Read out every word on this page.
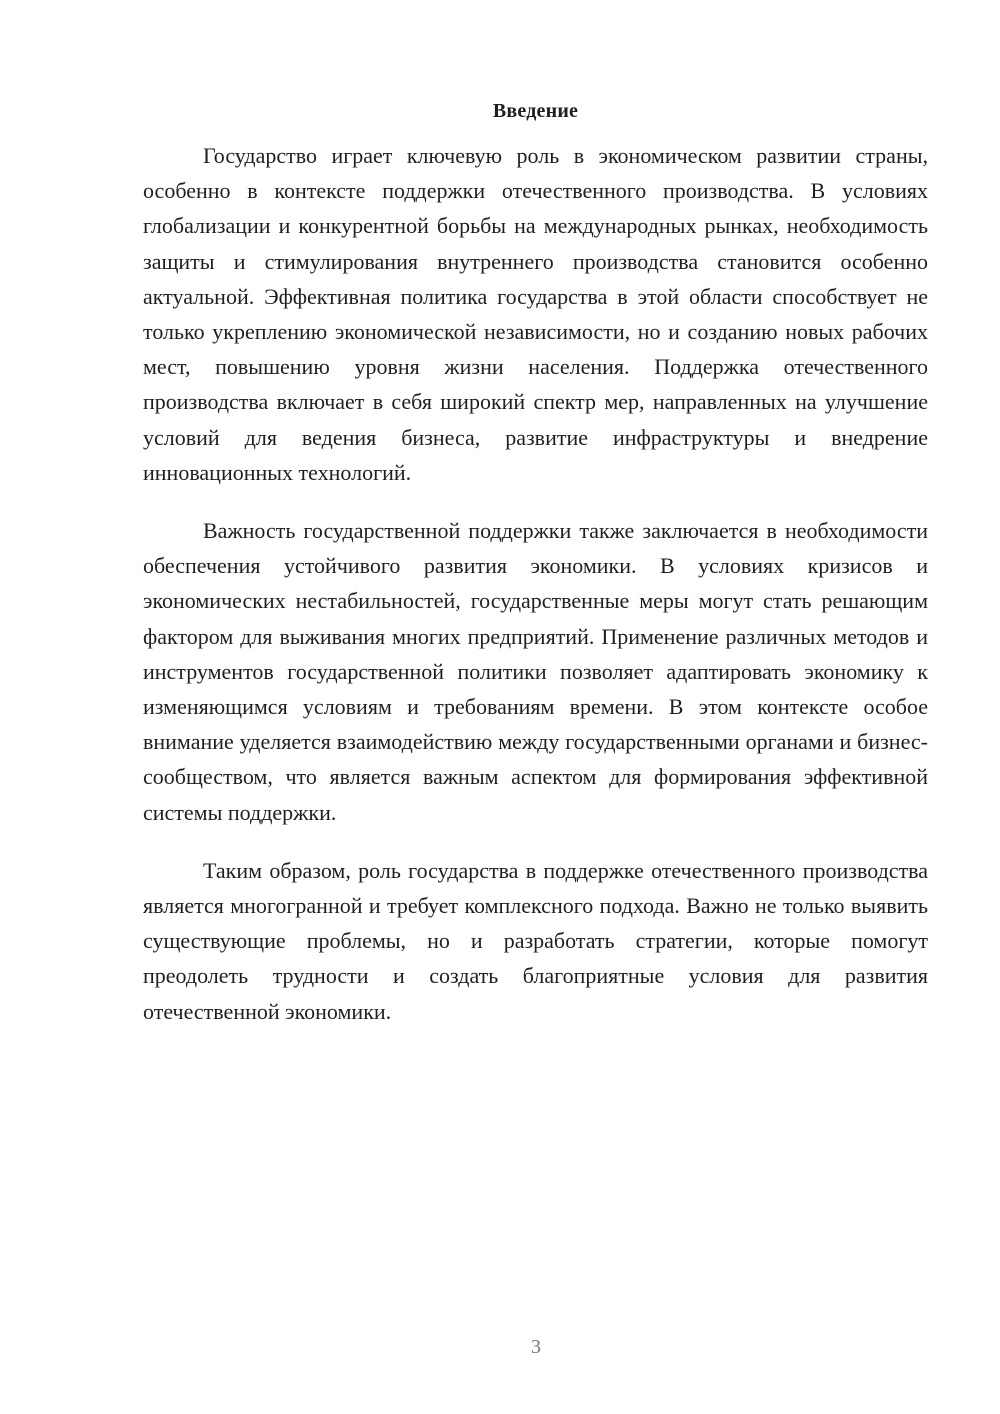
Введение

Государство играет ключевую роль в экономическом развитии страны, особенно в контексте поддержки отечественного производства. В условиях глобализации и конкурентной борьбы на международных рынках, необходимость защиты и стимулирования внутреннего производства становится особенно актуальной. Эффективная политика государства в этой области способствует не только укреплению экономической независимости, но и созданию новых рабочих мест, повышению уровня жизни населения. Поддержка отечественного производства включает в себя широкий спектр мер, направленных на улучшение условий для ведения бизнеса, развитие инфраструктуры и внедрение инновационных технологий.

Важность государственной поддержки также заключается в необходимости обеспечения устойчивого развития экономики. В условиях кризисов и экономических нестабильностей, государственные меры могут стать решающим фактором для выживания многих предприятий. Применение различных методов и инструментов государственной политики позволяет адаптировать экономику к изменяющимся условиям и требованиям времени. В этом контексте особое внимание уделяется взаимодействию между государственными органами и бизнес-сообществом, что является важным аспектом для формирования эффективной системы поддержки.

Таким образом, роль государства в поддержке отечественного производства является многогранной и требует комплексного подхода. Важно не только выявить существующие проблемы, но и разработать стратегии, которые помогут преодолеть трудности и создать благоприятные условия для развития отечественной экономики.

3
